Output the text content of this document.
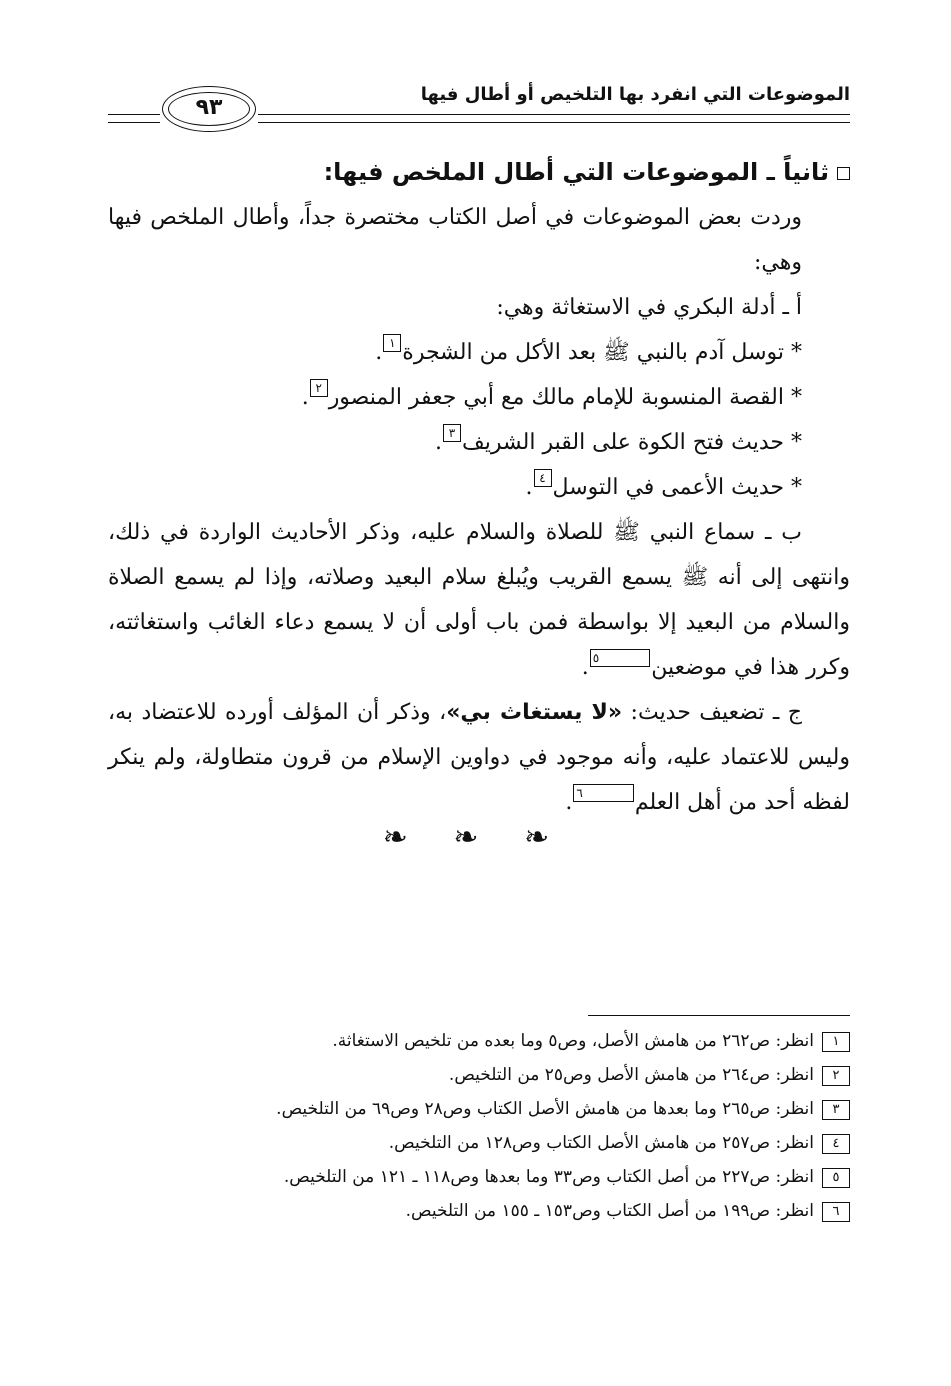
الموضوعات التي انفرد بها التلخيص أو أطال فيها
٩٣

ثانياً ـ الموضوعات التي أطال الملخص فيها:

وردت بعض الموضوعات في أصل الكتاب مختصرة جداً، وأطال الملخص فيها وهي:

أ ـ أدلة البكري في الاستغاثة وهي:

* توسل آدم بالنبي ﷺ بعد الأكل من الشجرة١.

* القصة المنسوبة للإمام مالك مع أبي جعفر المنصور٢.

* حديث فتح الكوة على القبر الشريف٣.

* حديث الأعمى في التوسل٤.

ب ـ سماع النبي ﷺ للصلاة والسلام عليه، وذكر الأحاديث الواردة في ذلك، وانتهى إلى أنه ﷺ يسمع القريب ويُبلغ سلام البعيد وصلاته، وإذا لم يسمع الصلاة والسلام من البعيد إلا بواسطة فمن باب أولى أن لا يسمع دعاء الغائب واستغاثته، وكرر هذا في موضعين٥.

ج ـ تضعيف حديث: «لا يستغاث بي»، وذكر أن المؤلف أورده للاعتضاد به، وليس للاعتماد عليه، وأنه موجود في دواوين الإسلام من قرون متطاولة، ولم ينكر لفظه أحد من أهل العلم٦.

❧ ❧ ❧
١انظر: ص٢٦٢ من هامش الأصل، وص٥ وما بعده من تلخيص الاستغاثة.
٢انظر: ص٢٦٤ من هامش الأصل وص٢٥ من التلخيص.
٣انظر: ص٢٦٥ وما بعدها من هامش الأصل الكتاب وص٢٨ وص٦٩ من التلخيص.
٤انظر: ص٢٥٧ من هامش الأصل الكتاب وص١٢٨ من التلخيص.
٥انظر: ص٢٢٧ من أصل الكتاب وص٣٣ وما بعدها وص١١٨ ـ ١٢١ من التلخيص.
٦انظر: ص١٩٩ من أصل الكتاب وص١٥٣ ـ ١٥٥ من التلخيص.
